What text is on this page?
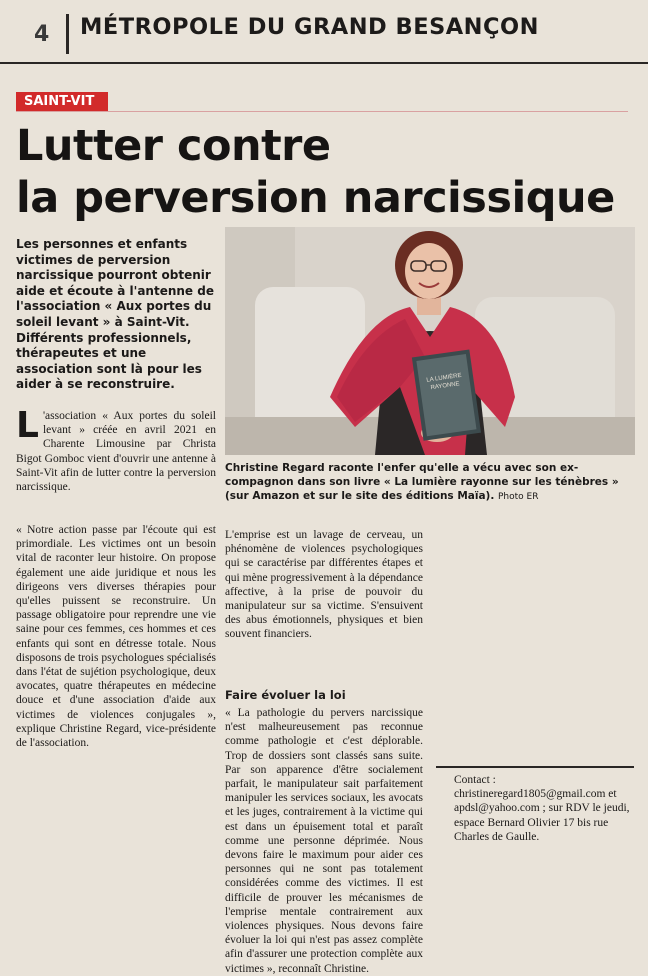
4 MÉTROPOLE DU GRAND BESANÇON
SAINT-VIT
Lutter contre
la perversion narcissique
Les personnes et enfants victimes de perversion narcissique pourront obtenir aide et écoute à l'antenne de l'association « Aux portes du soleil levant » à Saint-Vit. Différents professionnels, thérapeutes et une association sont là pour les aider à se reconstruire.	LA LUMIÈRE
RAYONNE
Christine Regard raconte l'enfer qu'elle a vécu avec son ex-compagnon dans son livre « La lumière rayonne sur les ténèbres » (sur Amazon et sur le site des éditions Maïa). Photo ER
L 'association « Aux portes du soleil levant » créée en avril 2021 en Charente Limousine par Christa Bigot Gomboc vient d'ouvrir une antenne à Saint-Vit afin de lutter contre la perversion narcissique.
« Notre action passe par l'écoute qui est primordiale. Les victimes ont un besoin vital de raconter leur histoire. On propose également une aide juridique et nous les dirigeons vers diverses thérapies pour qu'elles puissent se reconstruire. Un passage obligatoire pour reprendre une vie saine pour ces femmes, ces hommes et ces enfants qui sont en détresse totale. Nous disposons de trois psychologues spécialisés dans l'état de sujétion psychologique, deux avocates, quatre thérapeutes en médecine douce et d'une association d'aide aux victimes de violences conjugales », explique Christine Regard, vice-présidente de l'association.
L'emprise est un lavage de cerveau, un phénomène de violences psychologiques qui se caractérise par différentes étapes et qui mène progressivement à la dépendance affective, à la prise de pouvoir du manipulateur sur sa victime. S'ensuivent des abus émotionnels, physiques et bien souvent financiers.
Faire évoluer la loi
« La pathologie du pervers narcissique n'est malheureusement pas reconnue comme pathologie et c'est déplorable. Trop de dossiers sont classés sans suite. Par son apparence d'être socialement parfait, le manipulateur sait parfaitement manipuler les services sociaux, les avocats et les juges, contrairement à la victime qui est dans un épuisement total et paraît comme une personne déprimée. Nous devons faire le maximum pour aider ces personnes qui ne sont pas totalement considérées comme des victimes. Il est difficile de prouver les mécanismes de l'emprise mentale contrairement aux violences physiques. Nous devons faire évoluer la loi qui n'est pas assez complète afin d'assurer une protection complète aux victimes », reconnaît Christine.
Contact : christineregard1805@gmail.com et apdsl@yahoo.com ; sur RDV le jeudi, espace Bernard Olivier 17 bis rue Charles de Gaulle.
